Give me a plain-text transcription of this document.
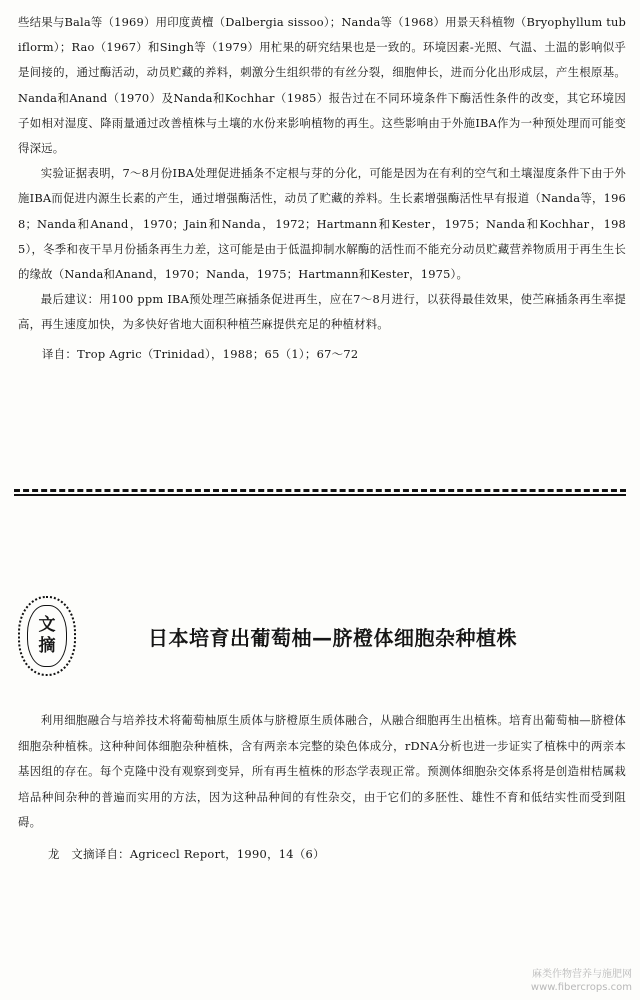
些结果与Bala等（1969）用印度黄檀（Dalbergia sissoo）；Nanda等（1968）用景天科植物（Bryophyllum tubiflorm）；Rao（1967）和Singh等（1979）用杧果的研究结果也是一致的。环境因素-光照、气温、土温的影响似乎是间接的，通过酶活动，动员贮藏的养料，刺激分生组织带的有丝分裂，细胞伸长，进而分化出形成层，产生根原基。Nanda和Anand（1970）及Nanda和Kochhar（1985）报告过在不同环境条件下酶活性条件的改变，其它环境因子如相对湿度、降雨量通过改善植株与土壤的水份来影响植物的再生。这些影响由于外施IBA作为一种预处理而可能变得深远。

实验证据表明，7～8月份IBA处理促进插条不定根与芽的分化，可能是因为在有利的空气和土壤湿度条件下由于外施IBA而促进内源生长素的产生，通过增强酶活性，动员了贮藏的养料。生长素增强酶活性早有报道（Nanda等，1968；Nanda和Anand，1970；Jain和Nanda，1972；Hartmann和Kester，1975；Nanda和Kochhar，1985），冬季和夜干旱月份插条再生力差，这可能是由于低温抑制水解酶的活性而不能充分动员贮藏营养物质用于再生生长的缘故（Nanda和Anand，1970；Nanda，1975；Hartmann和Kester，1975）。

最后建议：用100 ppm IBA预处理苎麻插条促进再生，应在7～8月进行，以获得最佳效果，使苎麻插条再生率提高，再生速度加快，为多快好省地大面积种植苎麻提供充足的种植材料。

译自：Trop Agric（Trinidad），1988；65（1）；67～72

文
摘	日本培育出葡萄柚—脐橙体细胞杂种植株

利用细胞融合与培养技术将葡萄柚原生质体与脐橙原生质体融合，从融合细胞再生出植株。培育出葡萄柚—脐橙体细胞杂种植株。这种种间体细胞杂种植株，含有两亲本完整的染色体成分，rDNA分析也进一步证实了植株中的两亲本基因组的存在。每个克隆中没有观察到变异，所有再生植株的形态学表现正常。预测体细胞杂交体系将是创造柑桔属栽培品种间杂种的普遍而实用的方法，因为这种品种间的有性杂交，由于它们的多胚性、雄性不育和低结实性而受到阻碍。

龙　文摘译自：Agricecl Report，1990，14（6）

麻类作物营养与施肥网
www.fibercrops.com
